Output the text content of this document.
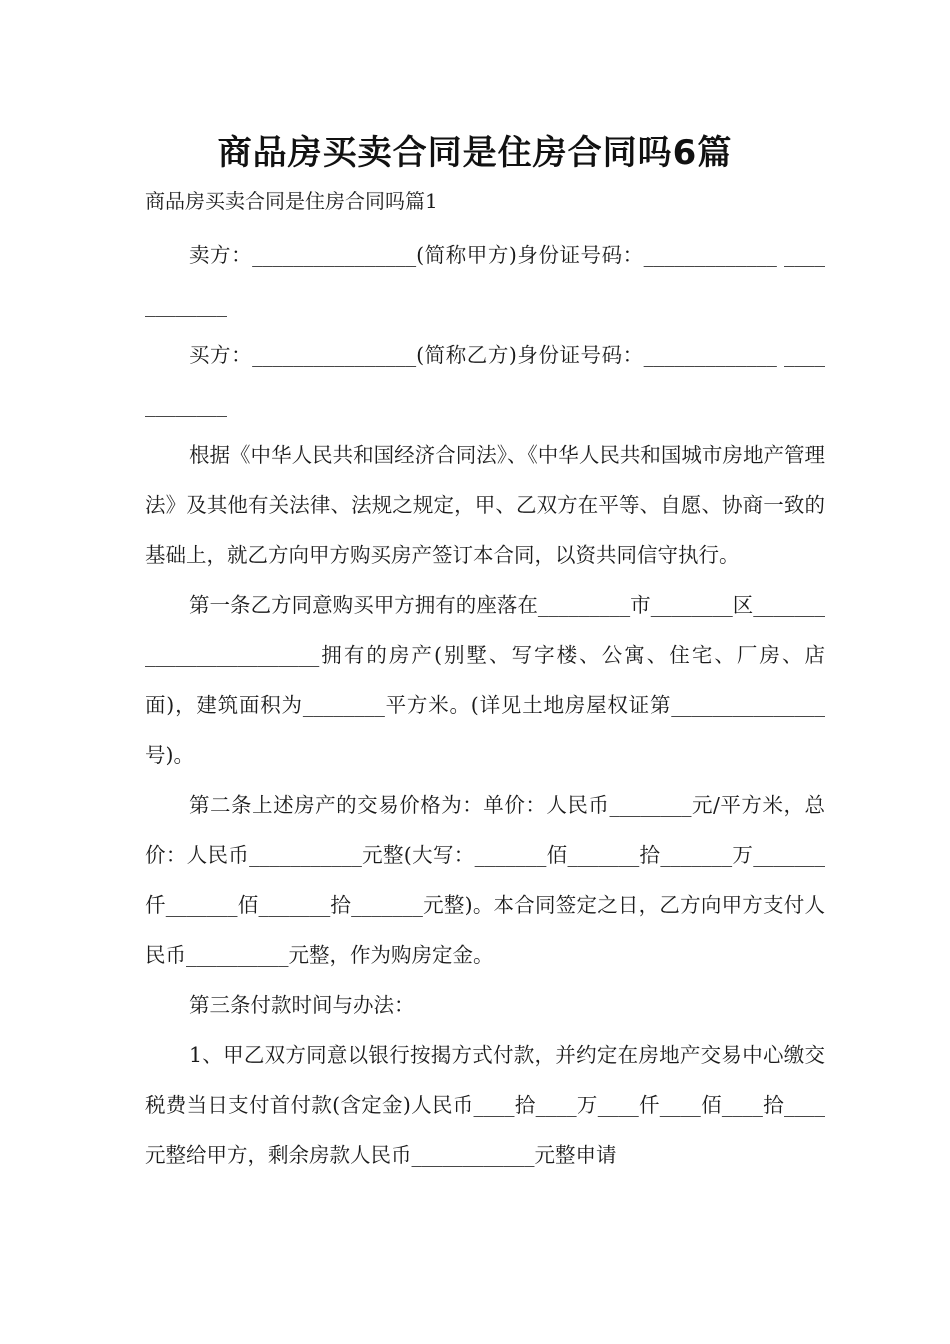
商品房买卖合同是住房合同吗6篇

商品房买卖合同是住房合同吗篇1

卖方：________________(简称甲方)身份证号码：_____________ ____________

买方：________________(简称乙方)身份证号码：_____________ ____________

根据《中华人民共和国经济合同法》、《中华人民共和国城市房地产管理法》及其他有关法律、法规之规定，甲、乙双方在平等、自愿、协商一致的基础上，就乙方向甲方购买房产签订本合同，以资共同信守执行。

第一条乙方同意购买甲方拥有的座落在_________市________区________________________拥有的房产(别墅、写字楼、公寓、住宅、厂房、店面)，建筑面积为________平方米。(详见土地房屋权证第_______________号)。

第二条上述房产的交易价格为：单价：人民币________元/平方米，总价：人民币___________元整(大写：_______佰_______拾_______万_______仟_______佰_______拾_______元整)。本合同签定之日，乙方向甲方支付人民币__________元整，作为购房定金。

第三条付款时间与办法：

1、甲乙双方同意以银行按揭方式付款，并约定在房地产交易中心缴交税费当日支付首付款(含定金)人民币____拾____万____仟____佰____拾____元整给甲方，剩余房款人民币____________元整申请
